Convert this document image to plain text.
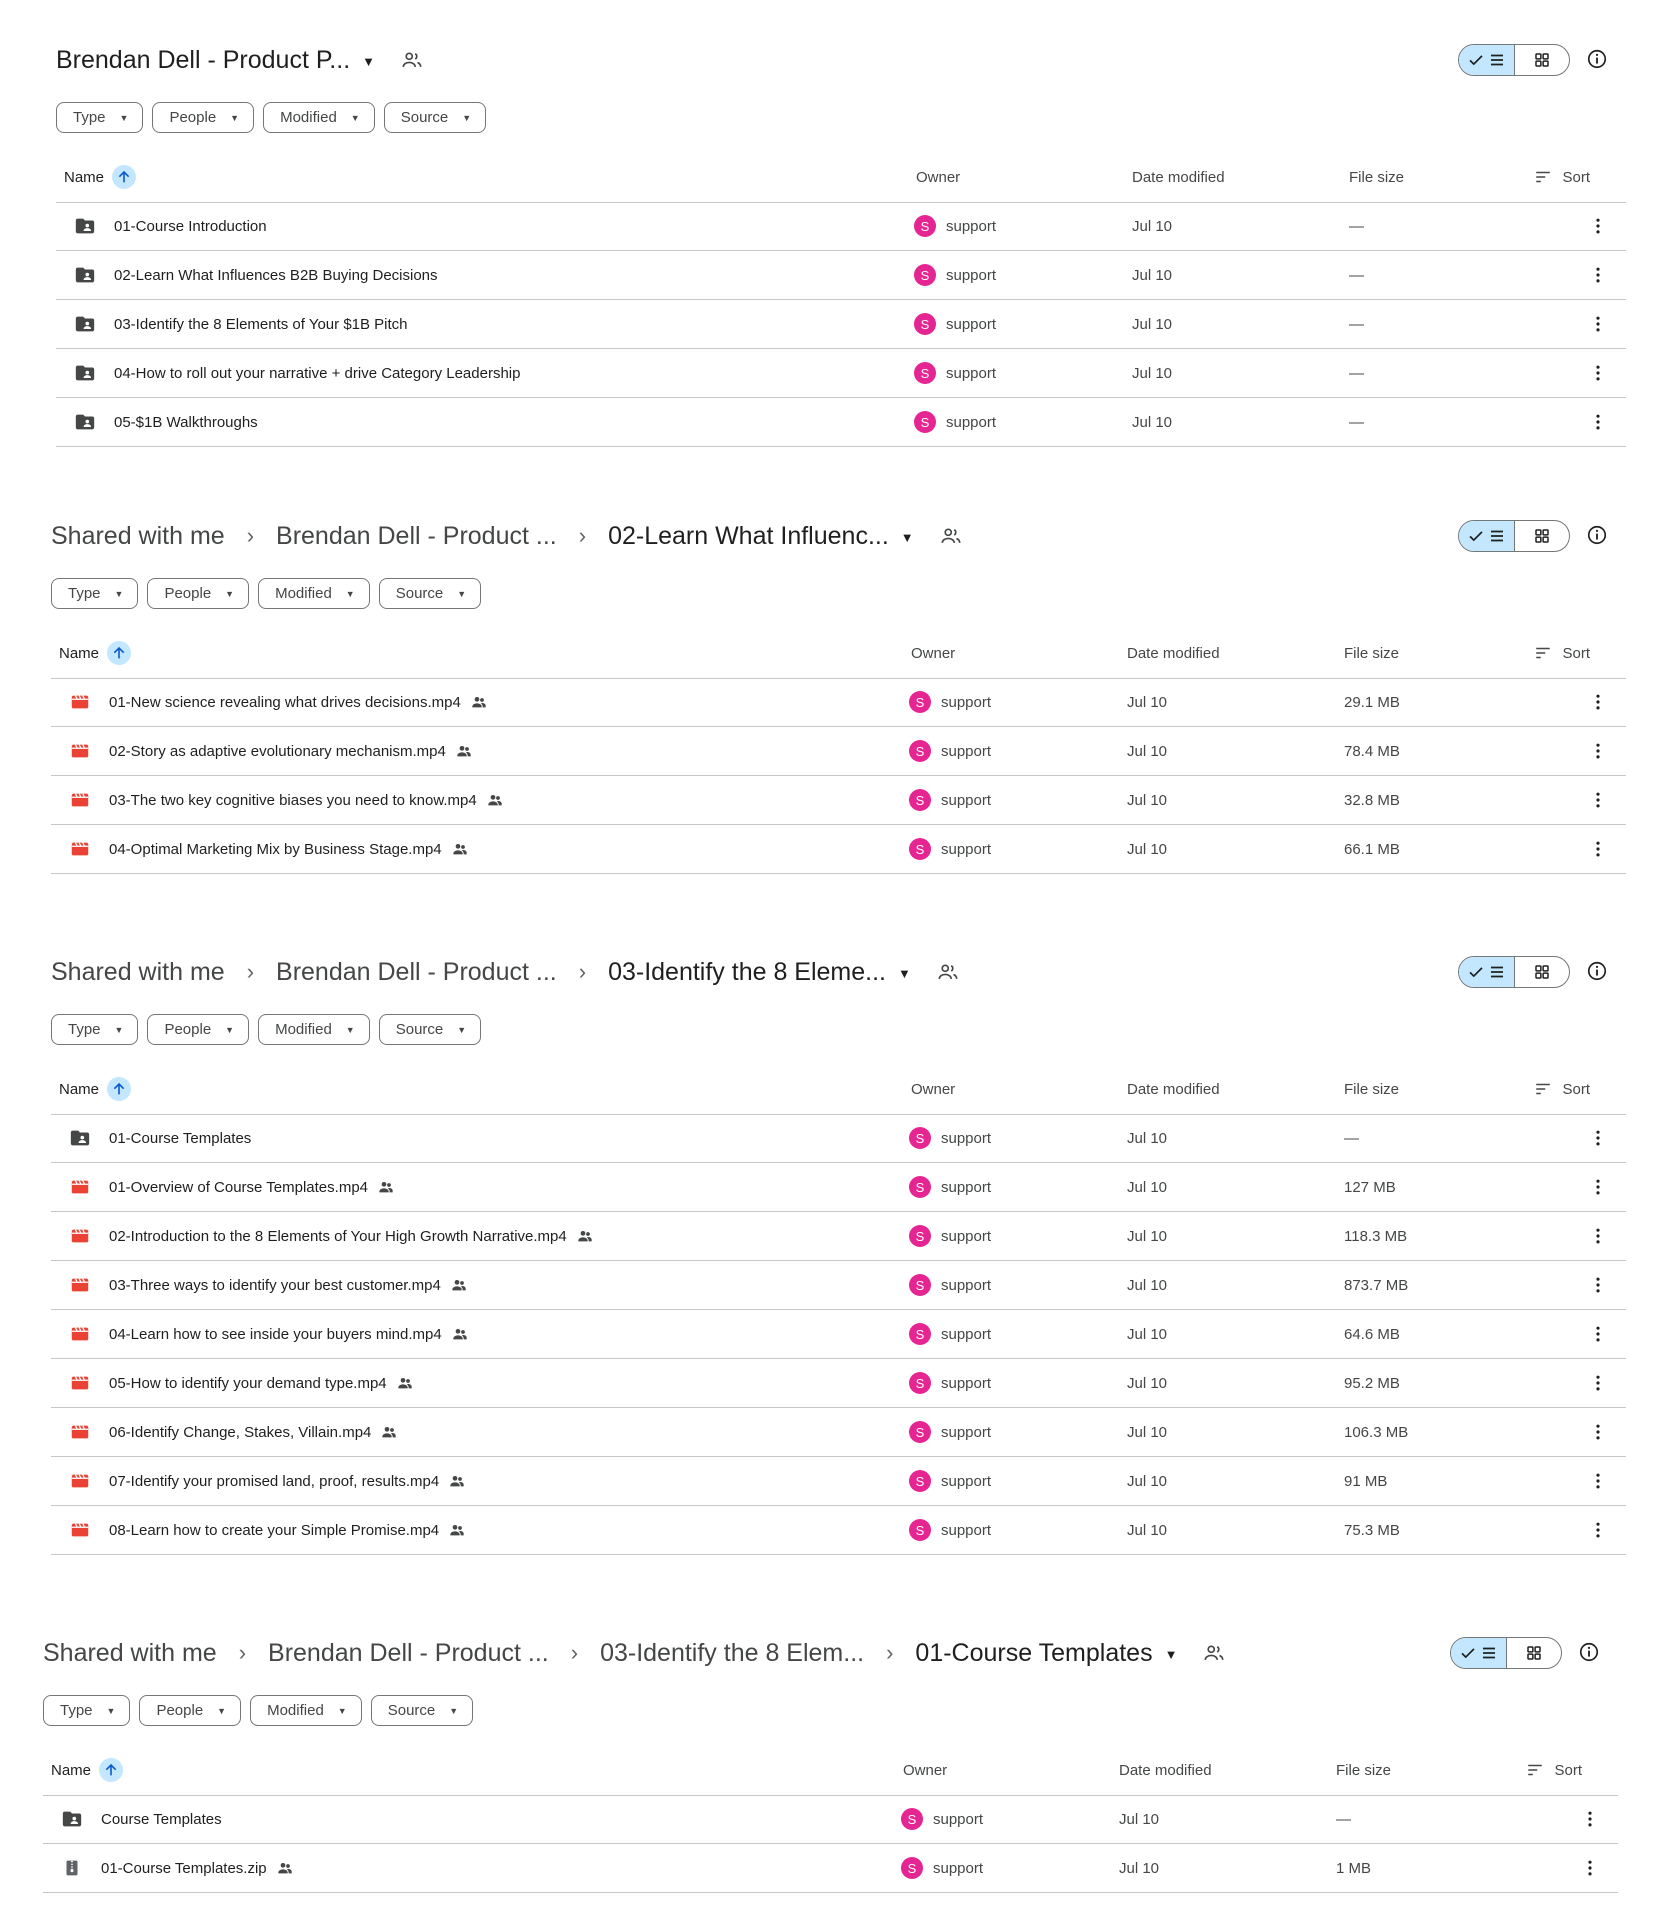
Brendan Dell - Product P... ▼
Type ▼	People ▼	Modified ▼	Source ▼
Name	Owner	Date modified	File size	Sort
01-Course Introduction	S	support	Jul 10	—
02-Learn What Influences B2B Buying Decisions	S	support	Jul 10	—
03-Identify the 8 Elements of Your $1B Pitch	S	support	Jul 10	—
04-How to roll out your narrative + drive Category Leadership	S	support	Jul 10	—
05-$1B Walkthroughs	S	support	Jul 10	—
Shared with me › Brendan Dell - Product ... › 02-Learn What Influenc... ▼
Type ▼	People ▼	Modified ▼	Source ▼
Name	Owner	Date modified	File size	Sort
01-New science revealing what drives decisions.mp4	S	support	Jul 10	29.1 MB
02-Story as adaptive evolutionary mechanism.mp4	S	support	Jul 10	78.4 MB
03-The two key cognitive biases you need to know.mp4	S	support	Jul 10	32.8 MB
04-Optimal Marketing Mix by Business Stage.mp4	S	support	Jul 10	66.1 MB
Shared with me › Brendan Dell - Product ... › 03-Identify the 8 Eleme... ▼
Type ▼	People ▼	Modified ▼	Source ▼
Name	Owner	Date modified	File size	Sort
01-Course Templates	S	support	Jul 10	—
01-Overview of Course Templates.mp4	S	support	Jul 10	127 MB
02-Introduction to the 8 Elements of Your High Growth Narrative.mp4	S	support	Jul 10	118.3 MB
03-Three ways to identify your best customer.mp4	S	support	Jul 10	873.7 MB
04-Learn how to see inside your buyers mind.mp4	S	support	Jul 10	64.6 MB
05-How to identify your demand type.mp4	S	support	Jul 10	95.2 MB
06-Identify Change, Stakes, Villain.mp4	S	support	Jul 10	106.3 MB
07-Identify your promised land, proof, results.mp4	S	support	Jul 10	91 MB
08-Learn how to create your Simple Promise.mp4	S	support	Jul 10	75.3 MB
Shared with me › Brendan Dell - Product ... › 03-Identify the 8 Elem... › 01-Course Templates ▼
Type ▼	People ▼	Modified ▼	Source ▼
Name	Owner	Date modified	File size	Sort
Course Templates	S	support	Jul 10	—
01-Course Templates.zip	S	support	Jul 10	1 MB
